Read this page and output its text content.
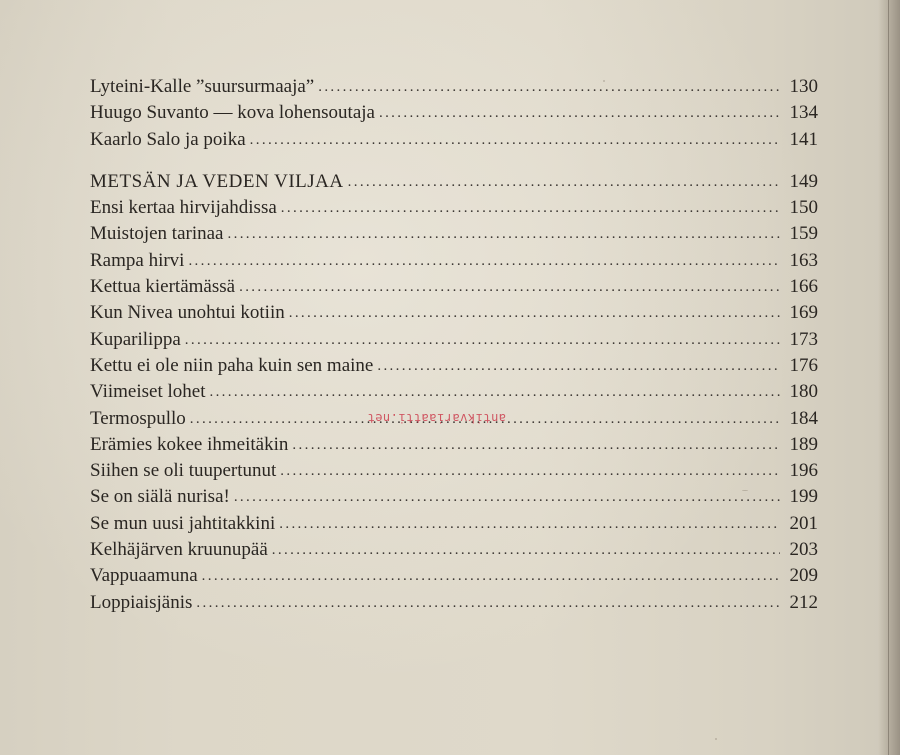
Lyteini-Kalle ”suursurmaaja” . . .	130
Huugo Suvanto — kova lohensoutaja . . .	134
Kaarlo Salo ja poika . . .	141
METSÄN JA VEDEN VILJAA . . .	149
Ensi kertaa hirvijahdissa . . .	150
Muistojen tarinaa . . .	159
Rampa hirvi . . .	163
Kettua kiertämässä . . .	166
Kun Nivea unohtui kotiin . . .	169
Kuparilippa . . .	173
Kettu ei ole niin paha kuin sen maine . . .	176
Viimeiset lohet . . .	180
Termospullo . . .	184
Erämies kokee ihmeitäkin . . .	189
Siihen se oli tuupertunut . . .	196
Se on siälä nurisa! . . .	199
Se mun uusi jahtitakkini . . .	201
Kelhäjärven kruunupää . . .	203
Vappuaamuna . . .	209
Loppiaisjänis . . .	212
antikvariaatti.net
